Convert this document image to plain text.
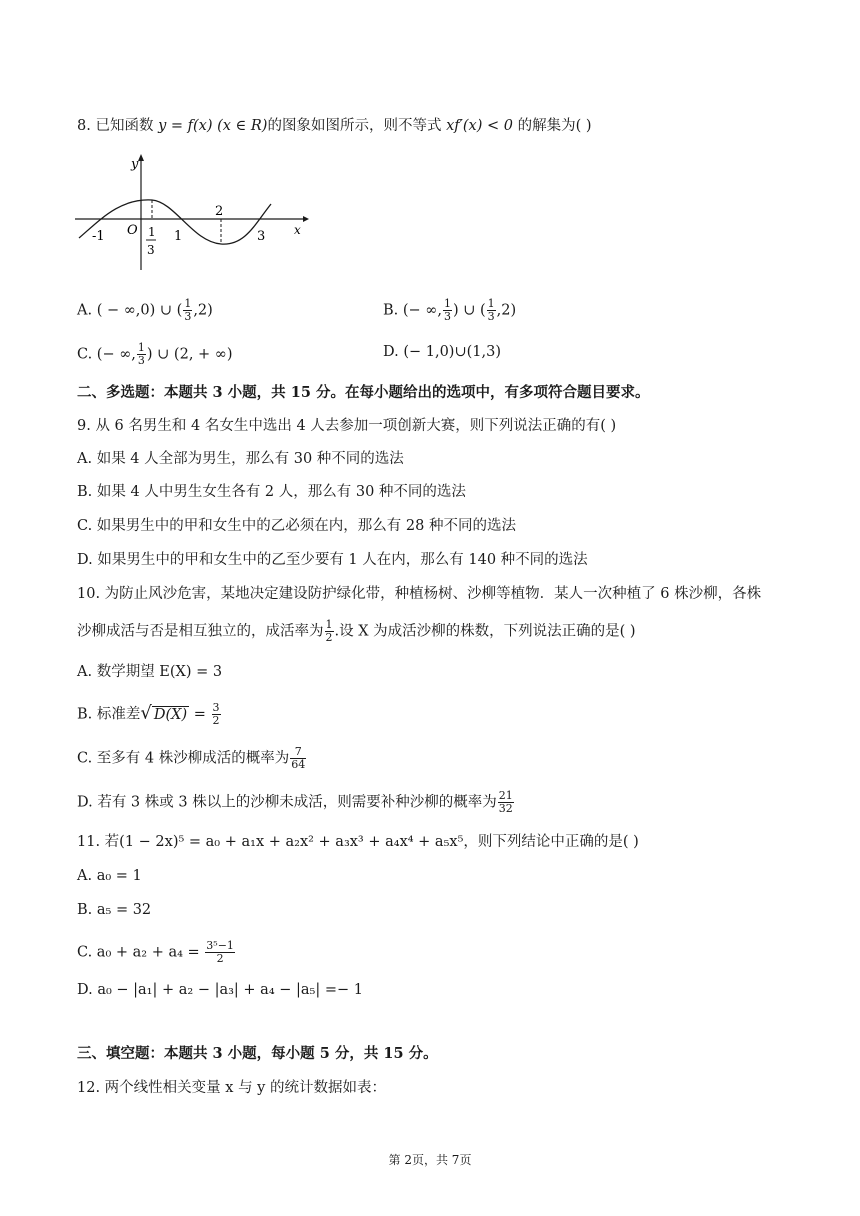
8. 已知函数 y = f(x) (x ∈ R)的图象如图所示，则不等式 xf′(x) < 0 的解集为( )
y
x
O
-1	1
2
3
1
3
A. ( − ∞,0) ∪ ( $\frac{1}{3} ,2$)	B. (− ∞, $\frac{1}{3}$ ) ∪ ( $\frac{1}{3} ,2$)
C. (− ∞, $\frac{1}{3}$ ) ∪ (2, + ∞)	D. (− 1,0)∪(1,3)
二、多选题：本题共 3 小题，共 15 分。在每小题给出的选项中，有多项符合题目要求。
9. 从 6 名男生和 4 名女生中选出 4 人去参加一项创新大赛，则下列说法正确的有( )
A. 如果 4 人全部为男生，那么有 30 种不同的选法
B. 如果 4 人中男生女生各有 2 人，那么有 30 种不同的选法
C. 如果男生中的甲和女生中的乙必须在内，那么有 28 种不同的选法
D. 如果男生中的甲和女生中的乙至少要有 1 人在内，那么有 140 种不同的选法
10. 为防止风沙危害，某地决定建设防护绿化带，种植杨树、沙柳等植物．某人一次种植了 6 株沙柳，各株
沙柳成活与否是相互独立的，成活率为 $\frac{1}{2}$ .设 X 为成活沙柳的株数，下列说法正确的是( )
A. 数学期望 E(X) = 3
B. 标准差√ $D(X) = \frac{3}{2}$
C. 至多有 4 株沙柳成活的概率为 $\frac{7}{64}$
D. 若有 3 株或 3 株以上的沙柳未成活，则需要补种沙柳的概率为 $\frac{21}{32}$
11. 若(1 − 2x)⁵ = a₀ + a₁x + a₂x² + a₃x³ + a₄x⁴ + a₅x⁵，则下列结论中正确的是( )
A. a₀ = 1
B. a₅ = 32
C. $a_0 + a_2 + a_4 = \frac{\text{3⁵−1}}{2}$
D. a₀ − |a₁| + a₂ − |a₃| + a₄ − |a₅| =− 1
三、填空题：本题共 3 小题，每小题 5 分，共 15 分。
12. 两个线性相关变量 x 与 y 的统计数据如表：
第 2页，共 7页
